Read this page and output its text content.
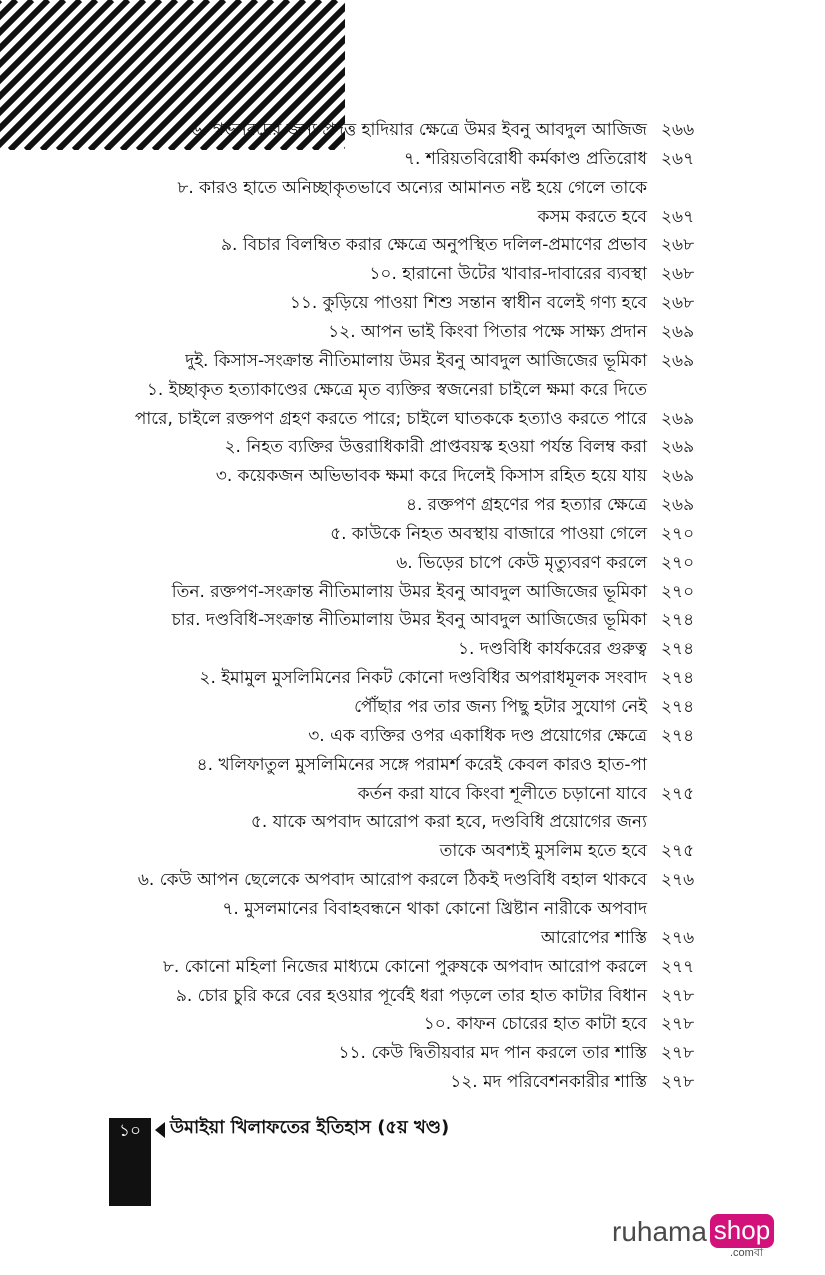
৬. গভর্নরদের জন্য প্রদত্ত হাদিয়ার ক্ষেত্রে উমর ইবনু আবদুল আজিজ ২৬৬
৭. শরিয়তবিরোধী কর্মকাণ্ড প্রতিরোধ ২৬৭
৮. কারও হাতে অনিচ্ছাকৃতভাবে অন্যের আমানত নষ্ট হয়ে গেলে তাকে
কসম করতে হবে ২৬৭
৯. বিচার বিলম্বিত করার ক্ষেত্রে অনুপস্থিত দলিল-প্রমাণের প্রভাব ২৬৮
১০. হারানো উটের খাবার-দাবারের ব্যবস্থা ২৬৮
১১. কুড়িয়ে পাওয়া শিশু সন্তান স্বাধীন বলেই গণ্য হবে ২৬৮
১২. আপন ভাই কিংবা পিতার পক্ষে সাক্ষ্য প্রদান ২৬৯
দুই. কিসাস-সংক্রান্ত নীতিমালায় উমর ইবনু আবদুল আজিজের ভূমিকা ২৬৯
১. ইচ্ছাকৃত হত্যাকাণ্ডের ক্ষেত্রে মৃত ব্যক্তির স্বজনেরা চাইলে ক্ষমা করে দিতে
পারে, চাইলে রক্তপণ গ্রহণ করতে পারে; চাইলে ঘাতককে হত্যাও করতে পারে ২৬৯
২. নিহত ব্যক্তির উত্তরাধিকারী প্রাপ্তবয়স্ক হওয়া পর্যন্ত বিলম্ব করা ২৬৯
৩. কয়েকজন অভিভাবক ক্ষমা করে দিলেই কিসাস রহিত হয়ে যায় ২৬৯
৪. রক্তপণ গ্রহণের পর হত্যার ক্ষেত্রে ২৬৯
৫. কাউকে নিহত অবস্থায় বাজারে পাওয়া গেলে ২৭০
৬. ভিড়ের চাপে কেউ মৃত্যুবরণ করলে ২৭০
তিন. রক্তপণ-সংক্রান্ত নীতিমালায় উমর ইবনু আবদুল আজিজের ভূমিকা ২৭০
চার. দণ্ডবিধি-সংক্রান্ত নীতিমালায় উমর ইবনু আবদুল আজিজের ভূমিকা ২৭৪
১. দণ্ডবিধি কার্যকরের গুরুত্ব ২৭৪
২. ইমামুল মুসলিমিনের নিকট কোনো দণ্ডবিধির অপরাধমূলক সংবাদ ২৭৪
পৌঁছার পর তার জন্য পিছু হটার সুযোগ নেই ২৭৪
৩. এক ব্যক্তির ওপর একাধিক দণ্ড প্রয়োগের ক্ষেত্রে ২৭৪
৪. খলিফাতুল মুসলিমিনের সঙ্গে পরামর্শ করেই কেবল কারও হাত-পা
কর্তন করা যাবে কিংবা শূলীতে চড়ানো যাবে ২৭৫
৫. যাকে অপবাদ আরোপ করা হবে, দণ্ডবিধি প্রয়োগের জন্য
তাকে অবশ্যই মুসলিম হতে হবে ২৭৫
৬. কেউ আপন ছেলেকে অপবাদ আরোপ করলে ঠিকই দণ্ডবিধি বহাল থাকবে ২৭৬
৭. মুসলমানের বিবাহবন্ধনে থাকা কোনো খ্রিষ্টান নারীকে অপবাদ
আরোপের শাস্তি ২৭৬
৮. কোনো মহিলা নিজের মাধ্যমে কোনো পুরুষকে অপবাদ আরোপ করলে ২৭৭
৯. চোর চুরি করে বের হওয়ার পূর্বেই ধরা পড়লে তার হাত কাটার বিধান ২৭৮
১০. কাফন চোরের হাত কাটা হবে ২৭৮
১১. কেউ দ্বিতীয়বার মদ পান করলে তার শাস্তি ২৭৮
১২. মদ পরিবেশনকারীর শাস্তি ২৭৮
১০	উমাইয়া খিলাফতের ইতিহাস (৫য় খণ্ড)
ruhama shop
.comবা
